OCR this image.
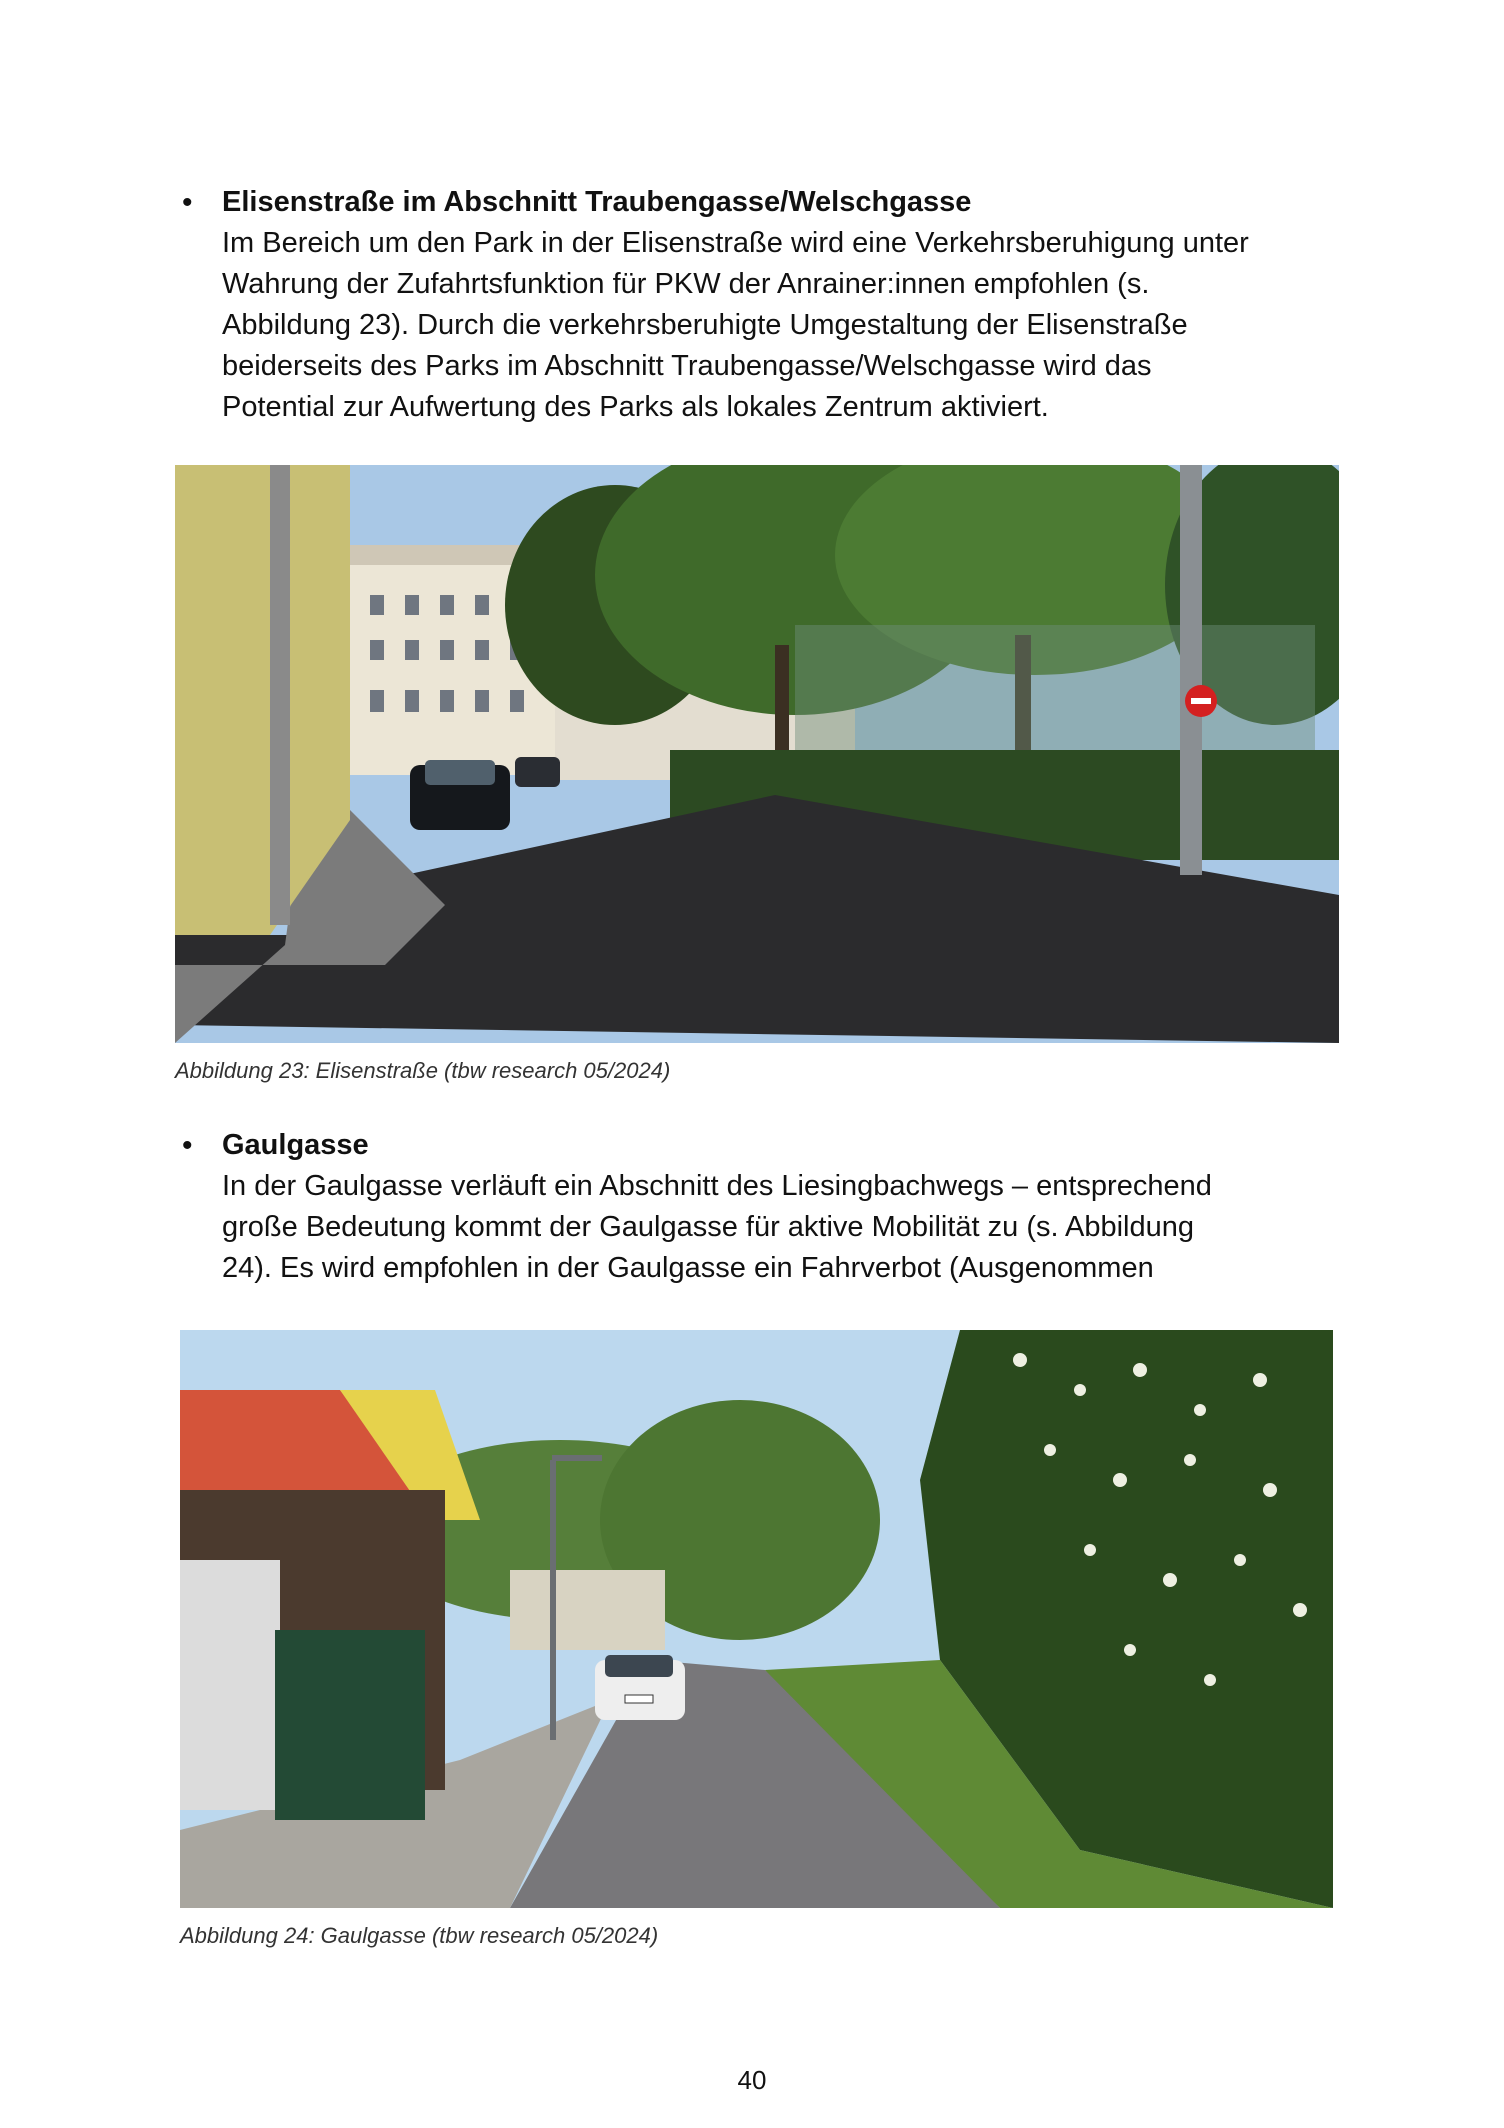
• Elisenstraße im Abschnitt Traubengasse/Welschgasse

Im Bereich um den Park in der Elisenstraße wird eine Verkehrsberuhigung unter

Wahrung der Zufahrtsfunktion für PKW der Anrainer:innen empfohlen (s.

Abbildung 23). Durch die verkehrsberuhigte Umgestaltung der Elisenstraße

beiderseits des Parks im Abschnitt Traubengasse/Welschgasse wird das

Potential zur Aufwertung des Parks als lokales Zentrum aktiviert.

Abbildung 23: Elisenstraße (tbw research 05/2024)
• Gaulgasse

In der Gaulgasse verläuft ein Abschnitt des Liesingbachwegs – entsprechend

große Bedeutung kommt der Gaulgasse für aktive Mobilität zu (s. Abbildung

24). Es wird empfohlen in der Gaulgasse ein Fahrverbot (Ausgenommen

Abbildung 24: Gaulgasse (tbw research 05/2024)
40
